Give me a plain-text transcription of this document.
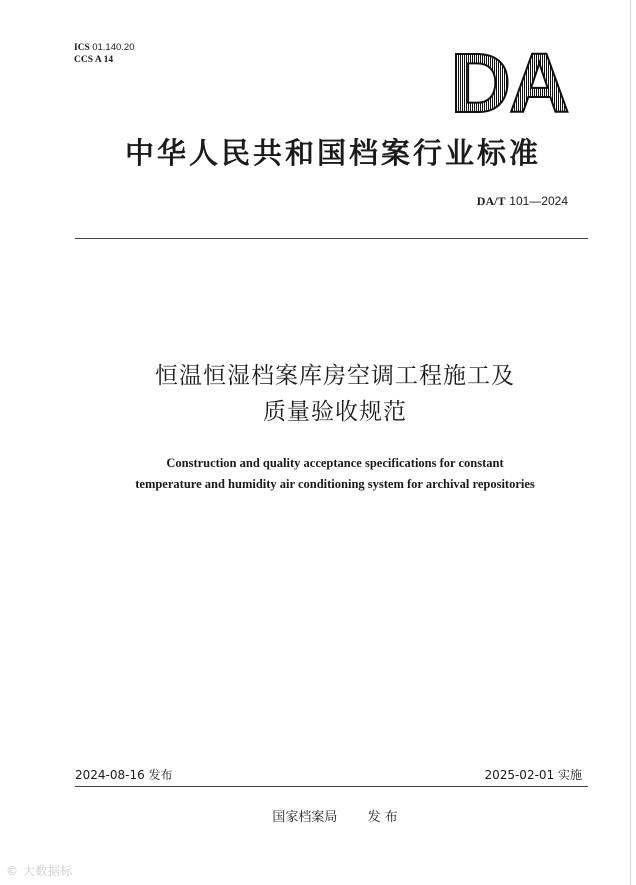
ICS 01.140.20
CCS A 14	DA
中华人民共和国档案行业标准
DA/T 101—2024
恒温恒湿档案库房空调工程施工及
质量验收规范
Construction and quality acceptance specifications for constant
temperature and humidity air conditioning system for archival repositories
2024-08-16 发布	2025-02-01 实施
国家档案局 发 布
© 大数据标
